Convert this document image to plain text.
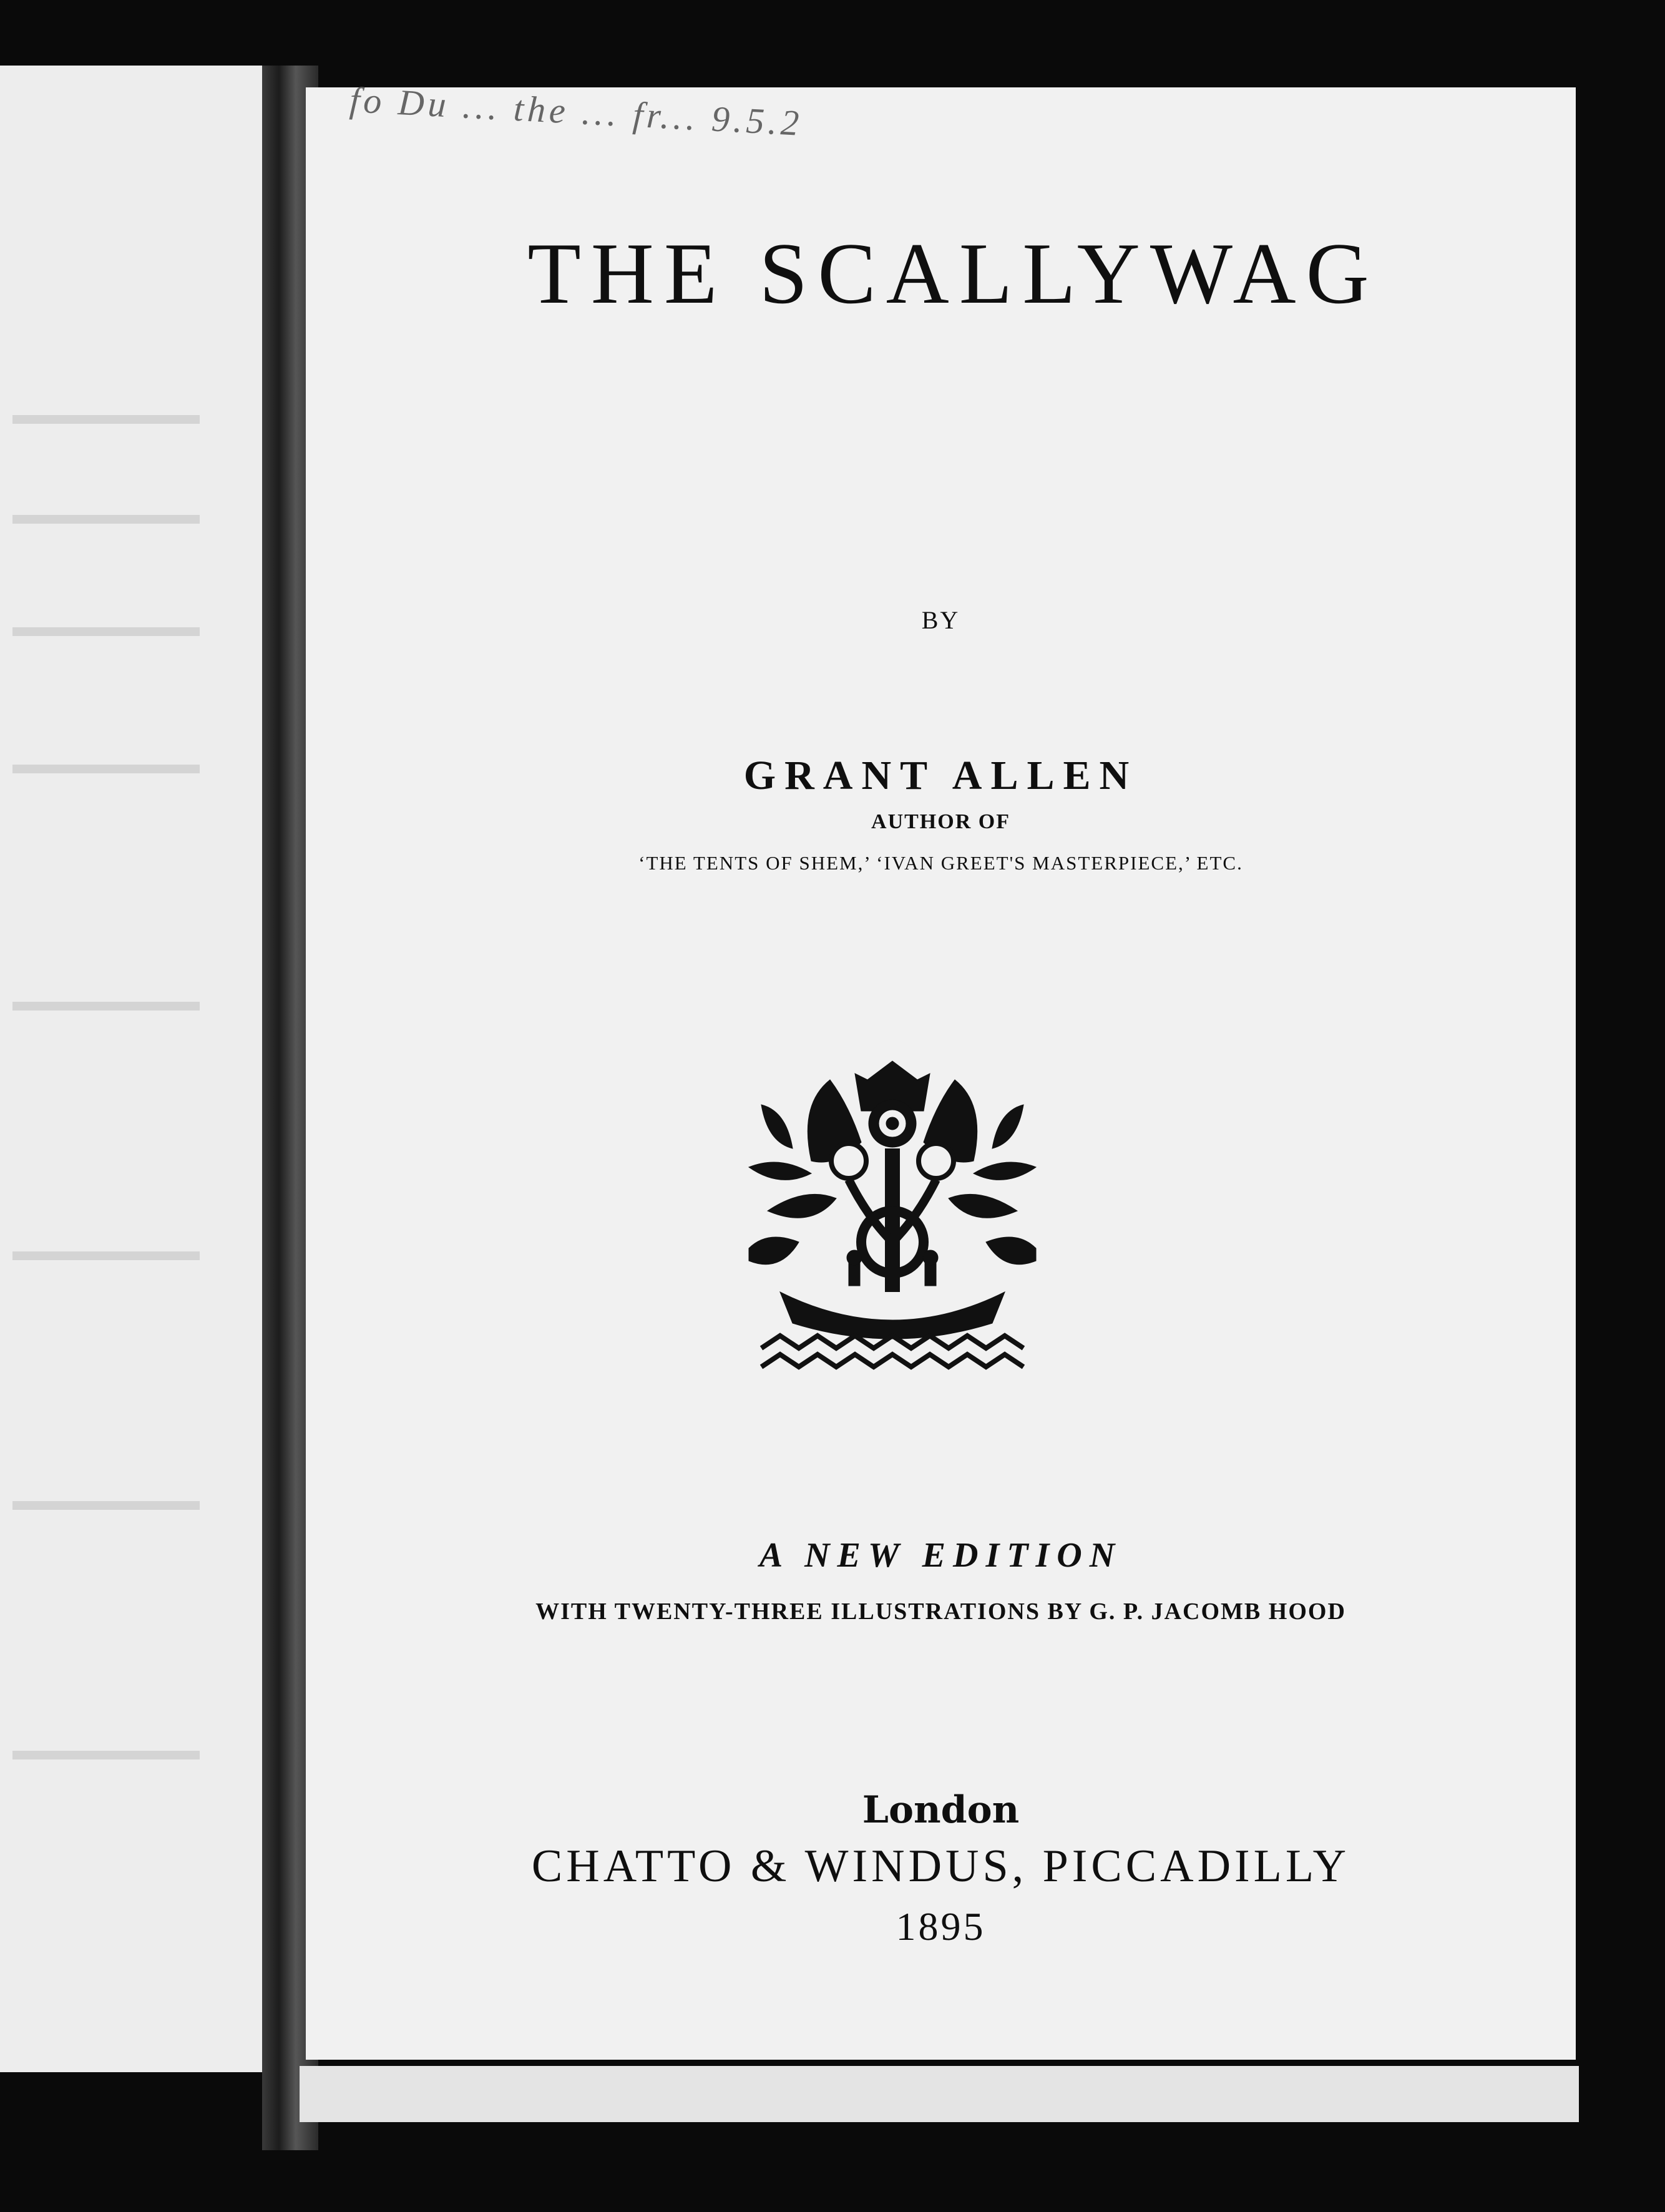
fo Du ... the ... fr... 9.5.2
THE SCALLYWAG
BY
GRANT ALLEN
AUTHOR OF
‘THE TENTS OF SHEM,’ ‘IVAN GREET'S MASTERPIECE,’ ETC.
A NEW EDITION
WITH TWENTY-THREE ILLUSTRATIONS BY G. P. JACOMB HOOD
London
CHATTO & WINDUS, PICCADILLY
1895
